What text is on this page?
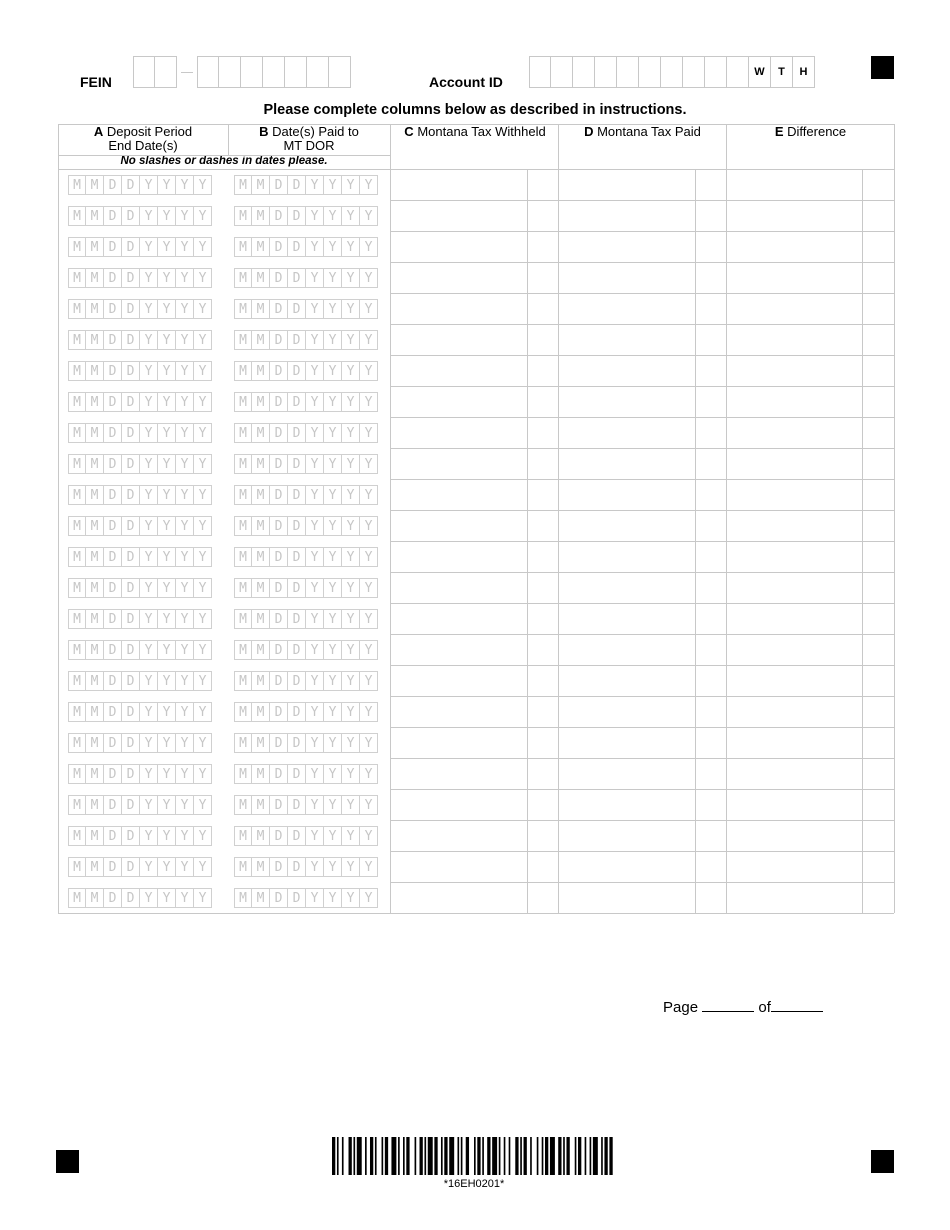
FEIN	Account ID
W	T	H
Please complete columns below as described in instructions.
A Deposit Period
End Date(s)
B Date(s) Paid to
MT DOR
C Montana Tax Withheld	D Montana Tax Paid	E Difference
No slashes or dashes in dates please.
M M D D Y Y Y Y	M M D D Y Y Y Y
M M D D Y Y Y Y	M M D D Y Y Y Y
M M D D Y Y Y Y	M M D D Y Y Y Y
M M D D Y Y Y Y	M M D D Y Y Y Y
M M D D Y Y Y Y	M M D D Y Y Y Y
M M D D Y Y Y Y	M M D D Y Y Y Y
M M D D Y Y Y Y	M M D D Y Y Y Y
M M D D Y Y Y Y	M M D D Y Y Y Y
M M D D Y Y Y Y	M M D D Y Y Y Y
M M D D Y Y Y Y	M M D D Y Y Y Y
M M D D Y Y Y Y	M M D D Y Y Y Y
M M D D Y Y Y Y	M M D D Y Y Y Y
M M D D Y Y Y Y	M M D D Y Y Y Y
M M D D Y Y Y Y	M M D D Y Y Y Y
M M D D Y Y Y Y	M M D D Y Y Y Y
M M D D Y Y Y Y	M M D D Y Y Y Y
M M D D Y Y Y Y	M M D D Y Y Y Y
M M D D Y Y Y Y	M M D D Y Y Y Y
M M D D Y Y Y Y	M M D D Y Y Y Y
M M D D Y Y Y Y	M M D D Y Y Y Y
M M D D Y Y Y Y	M M D D Y Y Y Y
M M D D Y Y Y Y	M M D D Y Y Y Y
M M D D Y Y Y Y	M M D D Y Y Y Y
M M D D Y Y Y Y	M M D D Y Y Y Y
Page	of
*16EH0201*
